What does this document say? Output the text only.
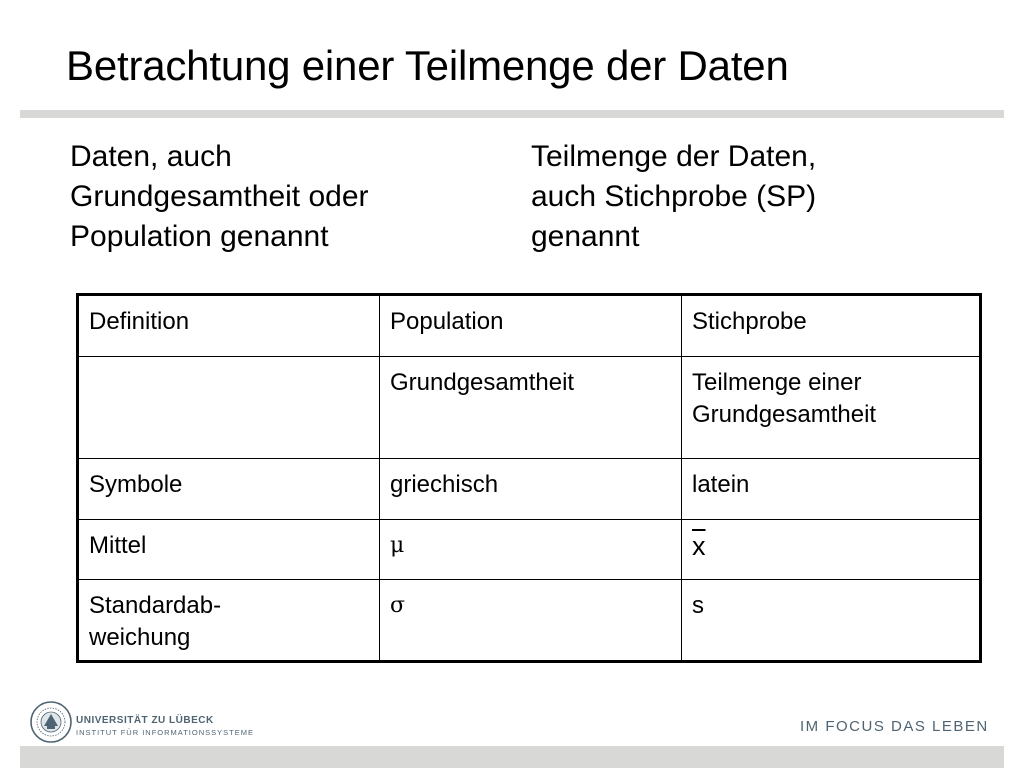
Betrachtung einer Teilmenge der Daten
Daten, auch
Grundgesamtheit oder
Population genannt
Teilmenge der Daten,
auch Stichprobe (SP)
genannt
Definition	Population	Stichprobe

	Grundgesamtheit	Teilmenge einer
Grundgesamtheit

Symbole	griechisch	latein

Mittel	μ	$\overline{x}$

Standardab-
weichung	σ	s
UNIVERSITÄT ZU LÜBECK
INSTITUT FÜR INFORMATIONSSYSTEME	IM FOCUS DAS LEBEN
